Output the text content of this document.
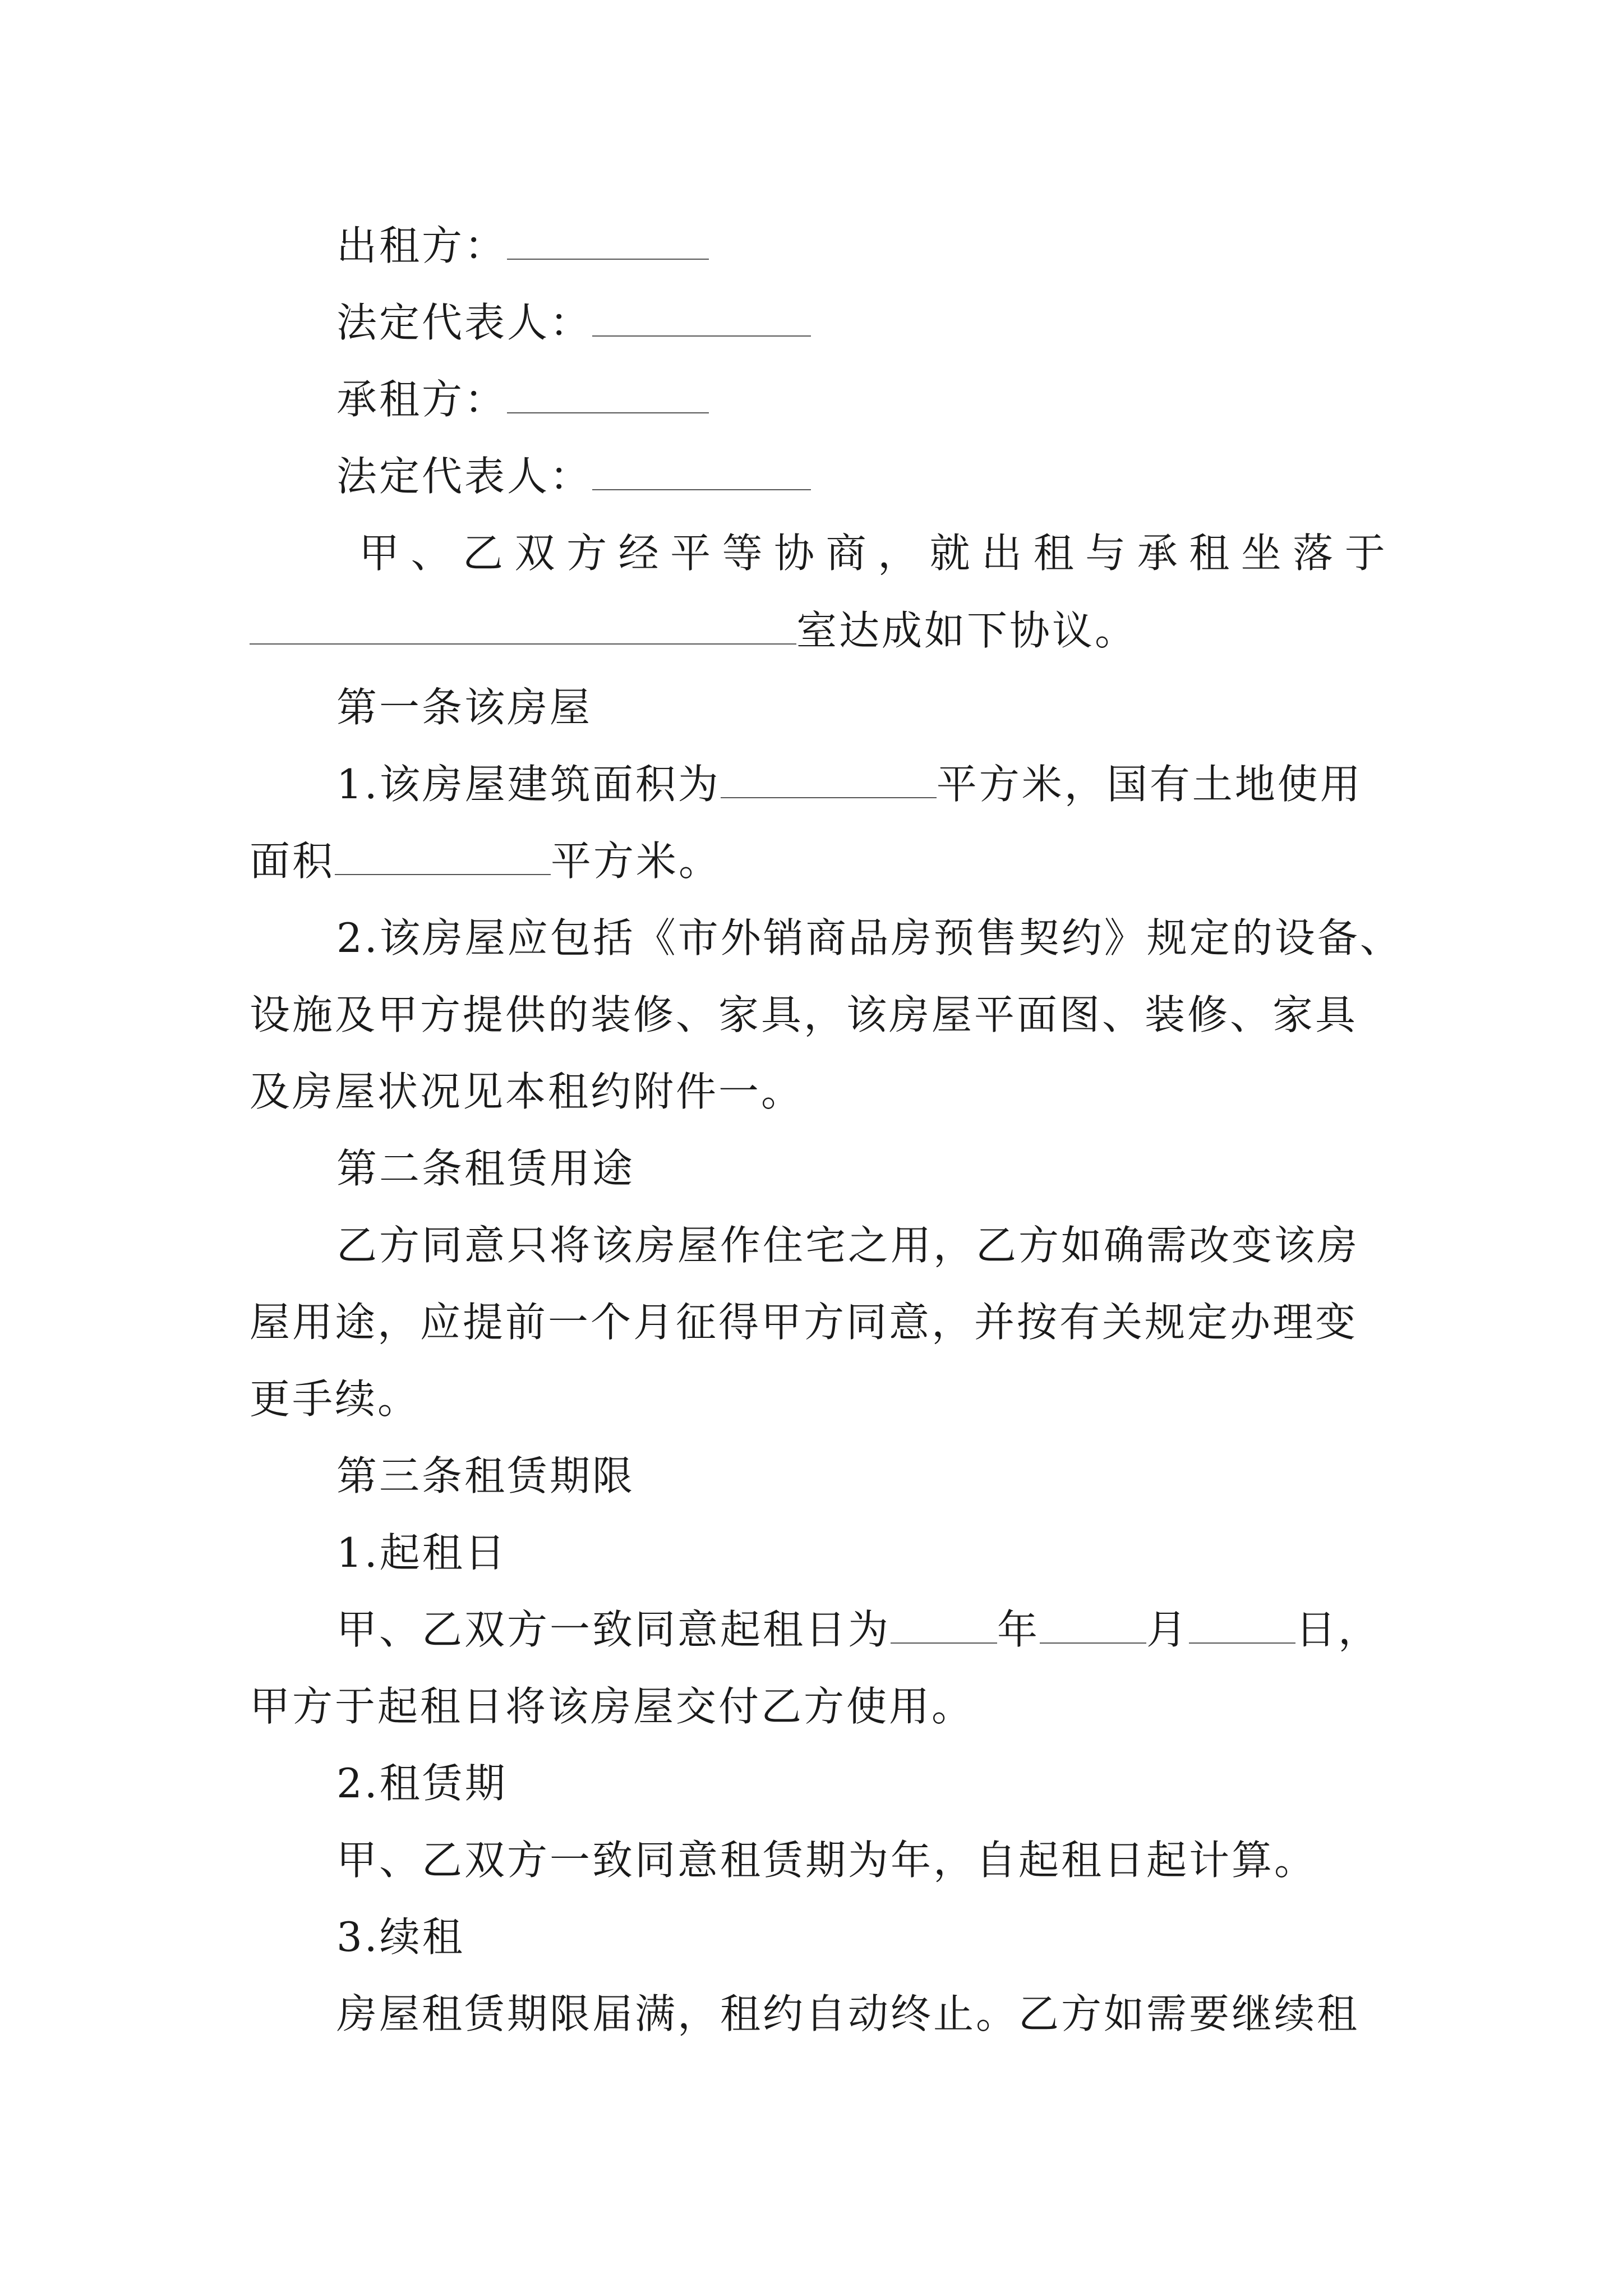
出租方：
法定代表人：
承租方：
法定代表人：
甲 、 乙 双 方 经 平 等 协 商 ， 就 出 租 与 承 租 坐 落 于
室达成如下协议。
第一条该房屋
1.该房屋建筑面积为	平方米，国有土地使用
面积	平方米。
2.该房屋应包括《市外销商品房预售契约》规定的设备、
设施及甲方提供的装修、家具，该房屋平面图、装修、家具
及房屋状况见本租约附件一。
第二条租赁用途
乙方同意只将该房屋作住宅之用，乙方如确需改变该房
屋用途，应提前一个月征得甲方同意，并按有关规定办理变
更手续。
第三条租赁期限
1.起租日
甲、乙双方一致同意起租日为	年	月	日，
甲方于起租日将该房屋交付乙方使用。
2.租赁期
甲、乙双方一致同意租赁期为年，自起租日起计算。
3.续租
房屋租赁期限届满，租约自动终止。乙方如需要继续租
